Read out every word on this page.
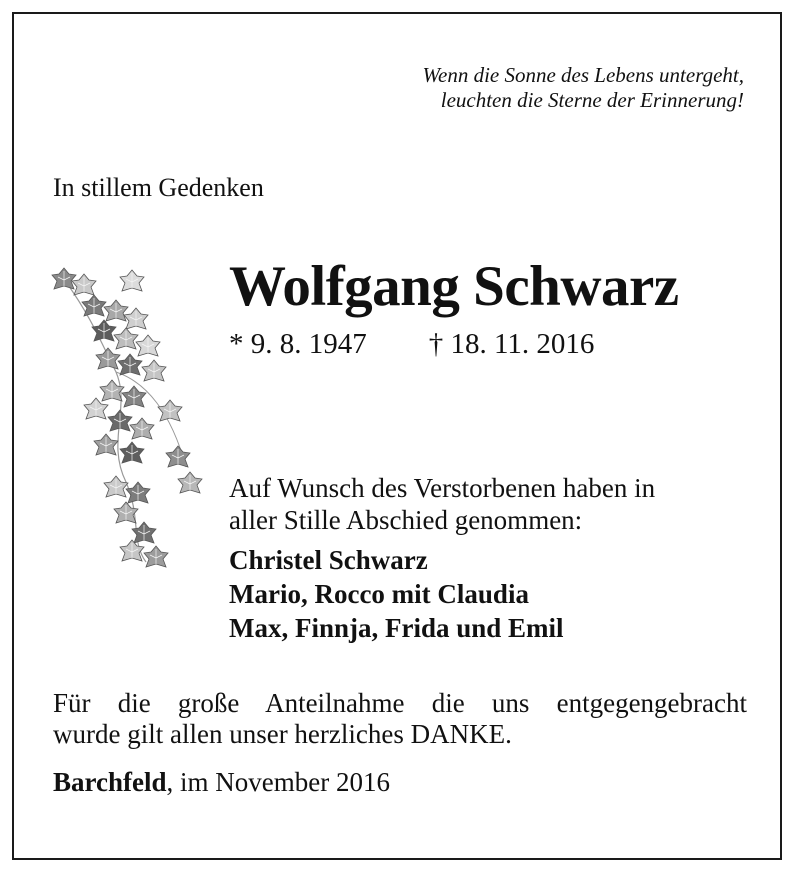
Wenn die Sonne des Lebens untergeht,
leuchten die Sterne der Erinnerung!

In stillem Gedenken

Wolfgang Schwarz
* 9. 8. 1947 † 18. 11. 2016
Auf Wunsch des Verstorbenen haben in
aller Stille Abschied genommen:
Christel Schwarz
Mario, Rocco mit Claudia
Max, Finnja, Frida und Emil
Für die große Anteilnahme die uns entgegengebracht
wurde gilt allen unser herzliches DANKE.
Barchfeld, im November 2016
